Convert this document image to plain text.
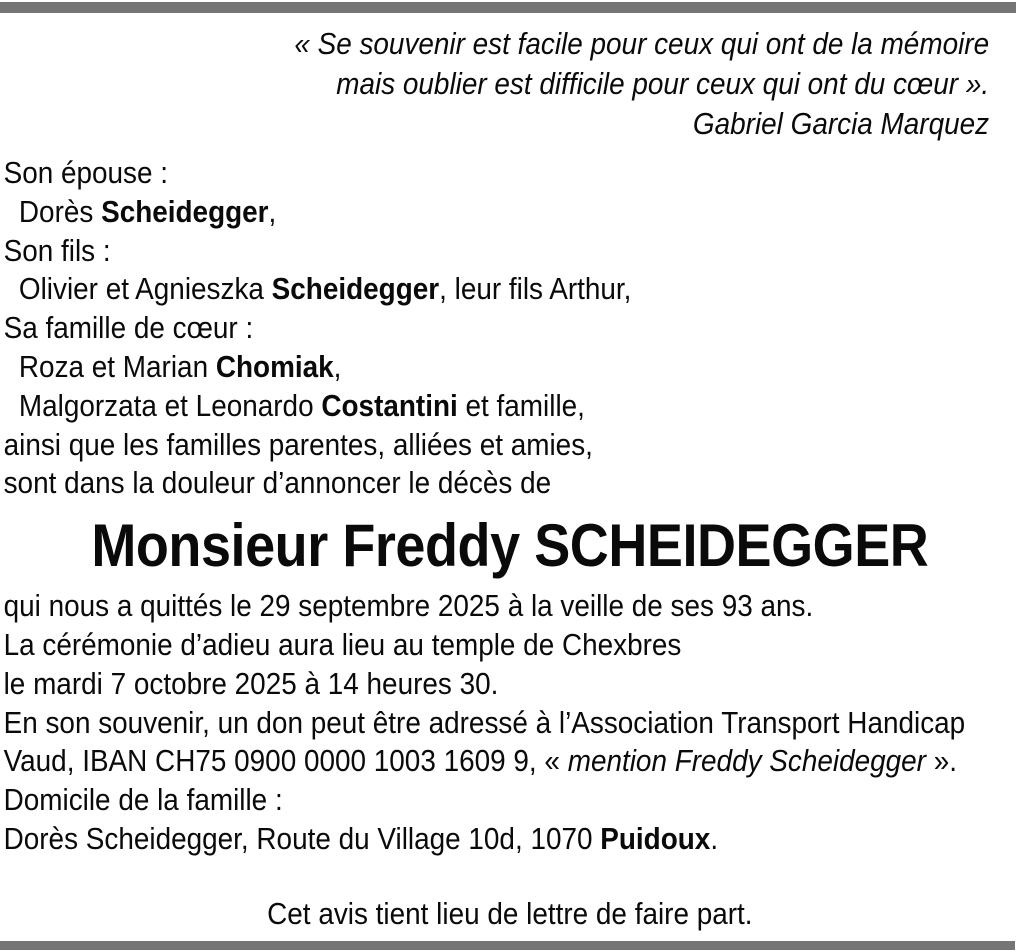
« Se souvenir est facile pour ceux qui ont de la mémoire
mais oublier est difficile pour ceux qui ont du cœur ».
Gabriel Garcia Marquez
Son épouse :
Dorès Scheidegger,
Son fils :
Olivier et Agnieszka Scheidegger, leur fils Arthur,
Sa famille de cœur :
Roza et Marian Chomiak,
Malgorzata et Leonardo Costantini et famille,
ainsi que les familles parentes, alliées et amies,
sont dans la douleur d’annoncer le décès de
Monsieur Freddy SCHEIDEGGER
qui nous a quittés le 29 septembre 2025 à la veille de ses 93 ans.
La cérémonie d’adieu aura lieu au temple de Chexbres
le mardi 7 octobre 2025 à 14 heures 30.
En son souvenir, un don peut être adressé à l’Association Transport Handicap
Vaud, IBAN CH75 0900 0000 1003 1609 9, « mention Freddy Scheidegger ».
Domicile de la famille :
Dorès Scheidegger, Route du Village 10d, 1070 Puidoux.
Cet avis tient lieu de lettre de faire part.
